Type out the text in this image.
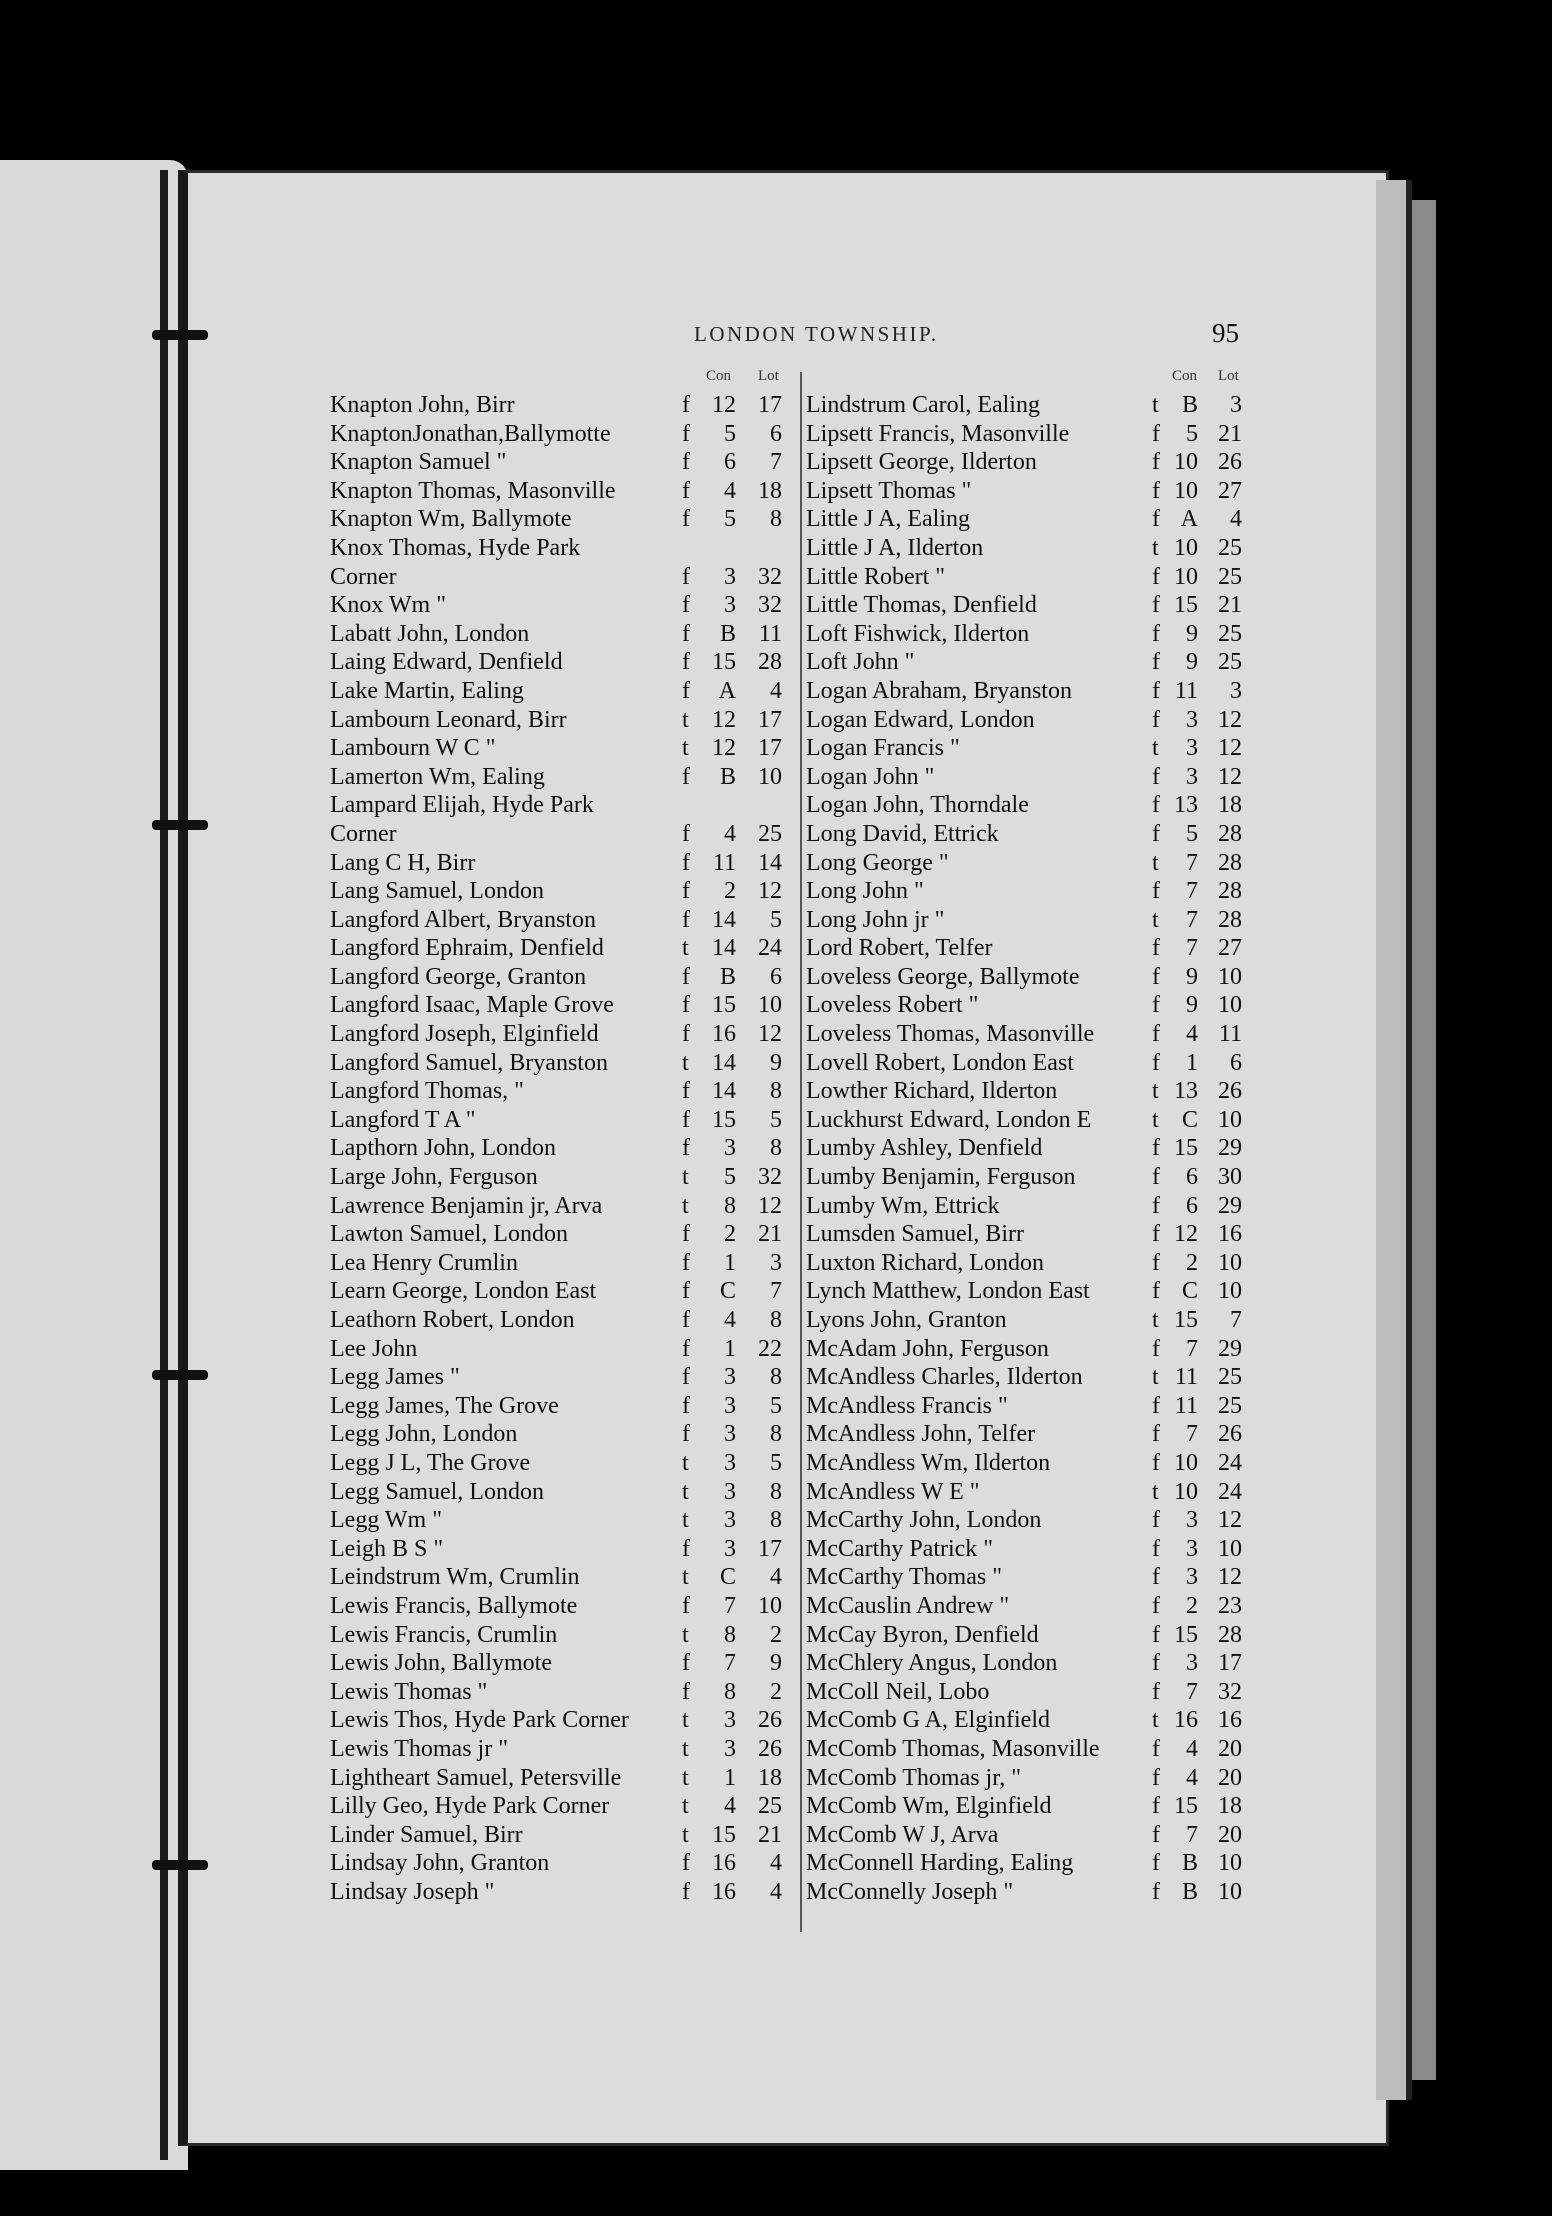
LONDON TOWNSHIP.	95
Con Lot
Knapton John, Birr	f 12 17
KnaptonJonathan,Ballymotte	f	5	6
Knapton Samuel "	f	6	7
Knapton Thomas, Masonville	f	4 18
Knapton Wm, Ballymote	f	5	8
Knox Thomas, Hyde Park
Corner	f	3 32
Knox Wm "	f	3 32
Labatt John, London	f	B 11
Laing Edward, Denfield	f 15 28
Lake Martin, Ealing	f	A	4
Lambourn Leonard, Birr	t 12 17
Lambourn W C "	t 12 17
Lamerton Wm, Ealing	f	B 10
Lampard Elijah, Hyde Park
Corner	f	4 25
Lang C H, Birr	f 11 14
Lang Samuel, London	f	2 12
Langford Albert, Bryanston	f 14	5
Langford Ephraim, Denfield	t 14 24
Langford George, Granton	f	B	6
Langford Isaac, Maple Grove	f 15 10
Langford Joseph, Elginfield	f 16 12
Langford Samuel, Bryanston	t 14	9
Langford Thomas, "	f 14	8
Langford T A "	f 15	5
Lapthorn John, London	f	3	8
Large John, Ferguson	t	5 32
Lawrence Benjamin jr, Arva	t	8 12
Lawton Samuel, London	f	2 21
Lea Henry Crumlin	f	1	3
Learn George, London East	f	C	7
Leathorn Robert, London	f	4	8
Lee John	f	1 22
Legg James "	f	3	8
Legg James, The Grove	f	3	5
Legg John, London	f	3	8
Legg J L, The Grove	t	3	5
Legg Samuel, London	t	3	8
Legg Wm "	t	3	8
Leigh B S "	f	3 17
Leindstrum Wm, Crumlin	t	C	4
Lewis Francis, Ballymote	f	7 10
Lewis Francis, Crumlin	t	8	2
Lewis John, Ballymote	f	7	9
Lewis Thomas "	f	8	2
Lewis Thos, Hyde Park Corner t	3 26
Lewis Thomas jr "	t	3 26
Lightheart Samuel, Petersville	t	1 18
Lilly Geo, Hyde Park Corner	t	4 25
Linder Samuel, Birr	t 15 21
Lindsay John, Granton	f 16	4
Lindsay Joseph "	f 16	4
Con Lot
Lindstrum Carol, Ealing	t B	3
Lipsett Francis, Masonville	f	5 21
Lipsett George, Ilderton	f 10 26
Lipsett Thomas "	f 10 27
Little J A, Ealing	f A	4
Little J A, Ilderton	t 10 25
Little Robert "	f 10 25
Little Thomas, Denfield	f 15 21
Loft Fishwick, Ilderton	f	9 25
Loft John "	f	9 25
Logan Abraham, Bryanston	f 11	3
Logan Edward, London	f	3 12
Logan Francis "	t	3 12
Logan John "	f	3 12
Logan John, Thorndale	f 13 18
Long David, Ettrick	f	5 28
Long George "	t	7 28
Long John "	f	7 28
Long John jr "	t	7 28
Lord Robert, Telfer	f	7 27
Loveless George, Ballymote	f	9 10
Loveless Robert "	f	9 10
Loveless Thomas, Masonville f	4 11
Lovell Robert, London East	f	1	6
Lowther Richard, Ilderton	t 13 26
Luckhurst Edward, London E	t C 10
Lumby Ashley, Denfield	f 15 29
Lumby Benjamin, Ferguson	f	6 30
Lumby Wm, Ettrick	f	6 29
Lumsden Samuel, Birr	f 12 16
Luxton Richard, London	f	2 10
Lynch Matthew, London East	f C 10
Lyons John, Granton	t 15	7
McAdam John, Ferguson	f	7 29
McAndless Charles, Ilderton	t 11 25
McAndless Francis "	f 11 25
McAndless John, Telfer	f	7 26
McAndless Wm, Ilderton	f 10 24
McAndless W E "	t 10 24
McCarthy John, London	f	3 12
McCarthy Patrick "	f	3 10
McCarthy Thomas "	f	3 12
McCauslin Andrew "	f	2 23
McCay Byron, Denfield	f 15 28
McChlery Angus, London	f	3 17
McColl Neil, Lobo	f	7 32
McComb G A, Elginfield	t 16 16
McComb Thomas, Masonville f	4 20
McComb Thomas jr, "	f	4 20
McComb Wm, Elginfield	f 15 18
McComb W J, Arva	f	7 20
McConnell Harding, Ealing	f B 10
McConnelly Joseph "	f B 10
